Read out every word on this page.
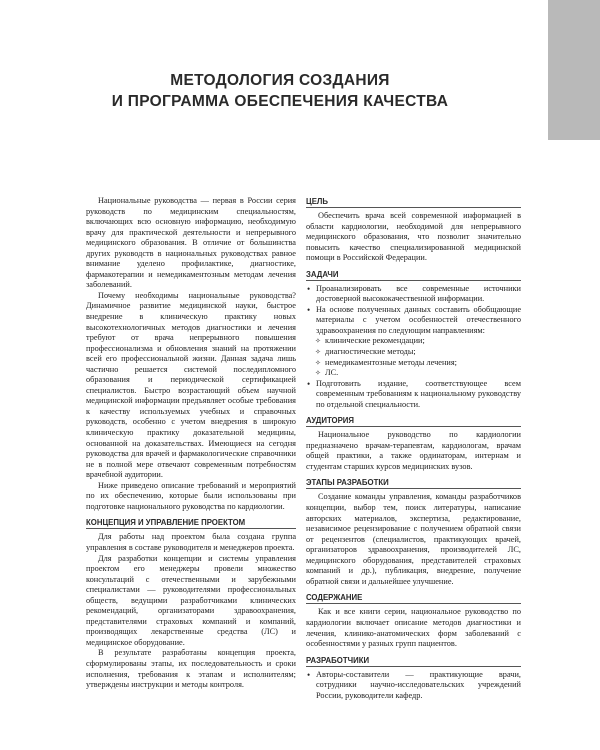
МЕТОДОЛОГИЯ СОЗДАНИЯ
И ПРОГРАММА ОБЕСПЕЧЕНИЯ КАЧЕСТВА

Национальные руководства — первая в России серия руководств по медицинским специальностям, включающих всю основную информацию, необходимую врачу для практической деятельности и непрерывного медицинского образования. В отличие от большинства других руководств в национальных руководствах равное внимание уделено профилактике, диагностике, фармакотерапии и немедикаментозным методам лечения заболеваний.

Почему необходимы национальные руководства? Динамичное развитие медицинской науки, быстрое внедрение в клиническую практику новых высокотехнологичных методов диагностики и лечения требуют от врача непрерывного повышения профессионализма и обновления знаний на протяжении всей его профессиональной жизни. Данная задача лишь частично решается системой последипломного образования и периодической сертификацией специалистов. Быстро возрастающий объем научной медицинской информации предъявляет особые требования к качеству используемых учебных и справочных руководств, особенно с учетом внедрения в широкую клиническую практику доказательной медицины, основанной на доказательствах. Имеющиеся на сегодня руководства для врачей и фармакологические справочники не в полной мере отвечают современным потребностям врачебной аудитории.

Ниже приведено описание требований и мероприятий по их обеспечению, которые были использованы при подготовке национального руководства по кардиологии.

КОНЦЕПЦИЯ И УПРАВЛЕНИЕ ПРОЕКТОМ

Для работы над проектом была создана группа управления в составе руководителя и менеджеров проекта.

Для разработки концепции и системы управления проектом его менеджеры провели множество консультаций с отечественными и зарубежными специалистами — руководителями профессиональных обществ, ведущими разработчиками клинических рекомендаций, организаторами здравоохранения, представителями страховых компаний и компаний, производящих лекарственные средства (ЛС) и медицинское оборудование.

В результате разработаны концепция проекта, сформулированы этапы, их последовательность и сроки исполнения, требования к этапам и исполнителям; утверждены инструкции и методы контроля.

ЦЕЛЬ

Обеспечить врача всей современной информацией в области кардиологии, необходимой для непрерывного медицинского образования, что позволит значительно повысить качество специализированной медицинской помощи в Российской Федерации.

ЗАДАЧИ
• Проанализировать все современные источники достоверной высококачественной информации.
• На основе полученных данных составить обобщающие материалы с учетом особенностей отечественного здравоохранения по следующим направлениям:
✧ клинические рекомендации;
✧ диагностические методы;
✧ немедикаментозные методы лечения;
✧ ЛС.
• Подготовить издание, соответствующее всем современным требованиям к национальному руководству по отдельной специальности.
АУДИТОРИЯ

Национальное руководство по кардиологии предназначено врачам-терапевтам, кардиологам, врачам общей практики, а также ординаторам, интернам и студентам старших курсов медицинских вузов.

ЭТАПЫ РАЗРАБОТКИ

Создание команды управления, команды разработчиков концепции, выбор тем, поиск литературы, написание авторских материалов, экспертиза, редактирование, независимое рецензирование с получением обратной связи от рецензентов (специалистов, практикующих врачей, организаторов здравоохранения, производителей ЛС, медицинского оборудования, представителей страховых компаний и др.), публикация, внедрение, получение обратной связи и дальнейшее улучшение.

СОДЕРЖАНИЕ

Как и все книги серии, национальное руководство по кардиологии включает описание методов диагностики и лечения, клинико-анатомических форм заболеваний с особенностями у разных групп пациентов.

РАЗРАБОТЧИКИ
• Авторы-составители — практикующие врачи, сотрудники научно-исследовательских учреждений России, руководители кафедр.
